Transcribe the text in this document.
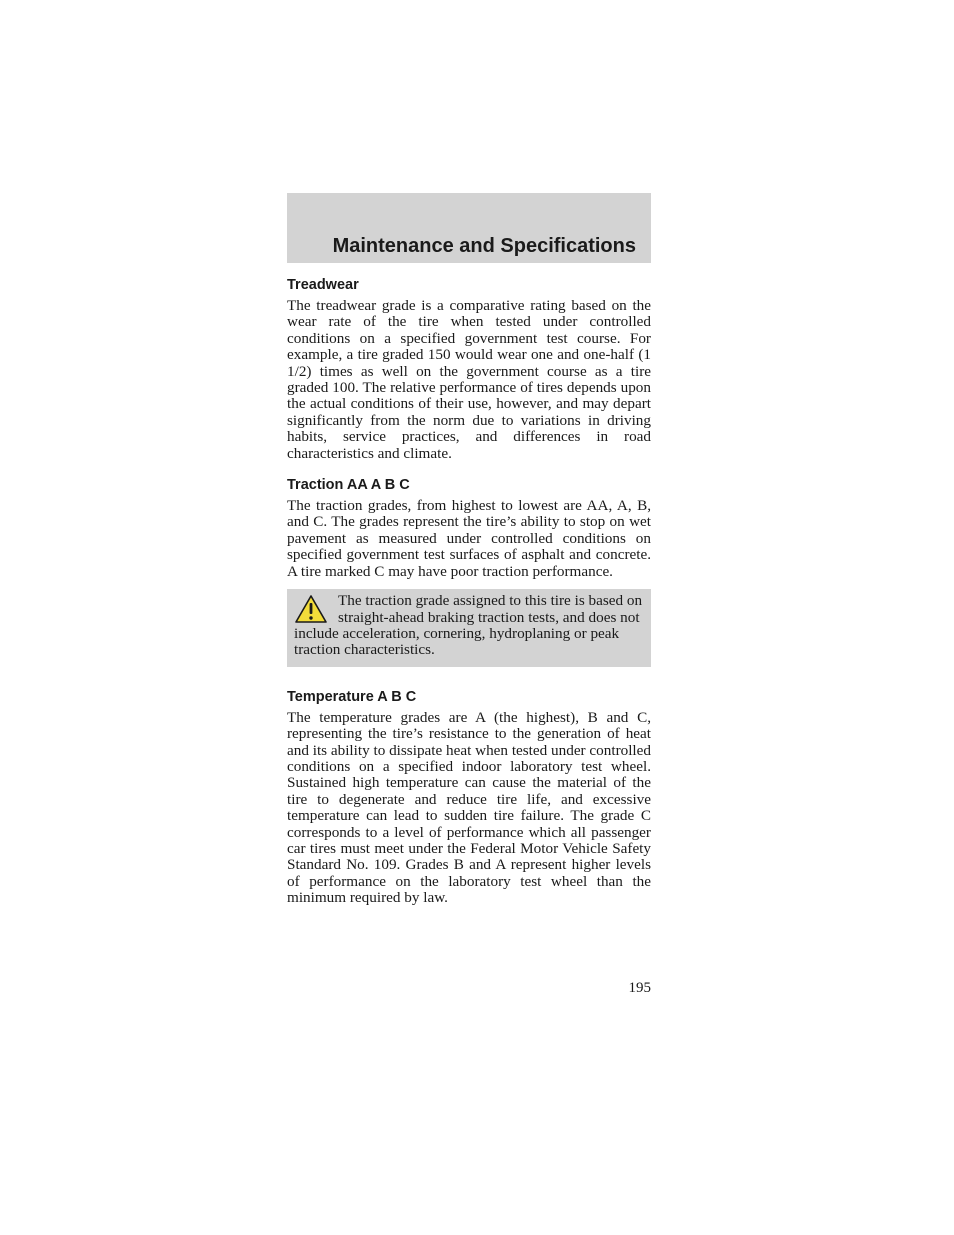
Maintenance and Specifications
Treadwear

The treadwear grade is a comparative rating based on the wear rate of the tire when tested under controlled conditions on a specified government test course. For example, a tire graded 150 would wear one and one-half (1 1/2) times as well on the government course as a tire graded 100. The relative performance of tires depends upon the actual conditions of their use, however, and may depart significantly from the norm due to variations in driving habits, service practices, and differences in road characteristics and climate.

Traction AA A B C

The traction grades, from highest to lowest are AA, A, B, and C. The grades represent the tire’s ability to stop on wet pavement as measured under controlled conditions on specified government test surfaces of asphalt and concrete. A tire marked C may have poor traction performance.

The traction grade assigned to this tire is based on straight-ahead braking traction tests, and does not include acceleration, cornering, hydroplaning or peak traction characteristics.

Temperature A B C

The temperature grades are A (the highest), B and C, representing the tire’s resistance to the generation of heat and its ability to dissipate heat when tested under controlled conditions on a specified indoor laboratory test wheel. Sustained high temperature can cause the material of the tire to degenerate and reduce tire life, and excessive temperature can lead to sudden tire failure. The grade C corresponds to a level of performance which all passenger car tires must meet under the Federal Motor Vehicle Safety Standard No. 109. Grades B and A represent higher levels of performance on the laboratory test wheel than the minimum required by law.

195
